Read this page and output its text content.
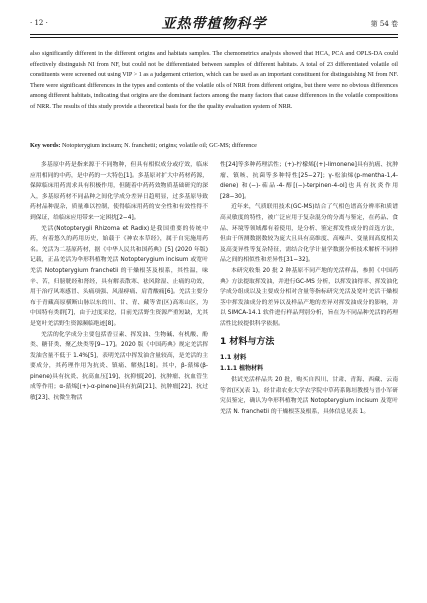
· 12 ·	亚热带植物科学	第 54 卷
also significantly different in the different origins and habitats samples. The chemometrics analysis showed that HCA, PCA and OPLS-DA could effectively distinguish NI from NF, but could not be differentiated between samples of different habitats. A total of 23 differentiated volatile oil constituents were screened out using VIP > 1 as a judgement criterion, which can be used as an important constituent for distinguishing NI from NF. There were significant differences in the types and contents of the volatile oils of NRR from different origins, but there were no obvious differences among different habitats, indicating that origins are the dominant factors among the many factors that cause differences in the volatile compositions of NRR. The results of this study provide a theoretical basis for the the quality evaluation system of NRR.
Key words: Notopterygium incisum; N. franchetii; origins; volatile oil; GC-MS; difference

多基原中药是指来源于不同物种，但具有相似成分或疗效，临床应用相同的中药，是中药的一大特色[1]。多基原对扩大中药材药源，保障临床用药需求具有积极作用，但随着中药药效物质基础研究的深入，多基原药材不同品种之间化学成分差异日趋明显，过多基原导致药材品种混杂，质量难以控制，使得临床用药的安全性和有效性得不到保证，给临床应用带来一定困扰[2−4]。

羌活(Notopterygii Rhizoma et Radix)是我国重要的传统中药，有着悠久的药用历史，始载于《神农本草经》，属于自宪施用药名。羌活为二基原药材，据《中华人民共和国药典》[5] (2020 年版)记载，正品羌活为伞形科植物羌活 Notopterygium incisum 或宽叶羌活 Notopterygium franchetii 的干燥根茎及根系，其性温，味辛、苦，归膀胱经和肾经，具有解表散寒、祛风除湿、止痛的功效，用于治疗风寒感冒、头痛项强、风湿痹痛、肩背酸痛[6]。羌活主要分布于青藏高原横断山脉以东的川、甘、青、藏等省(区)高寒山区，为中国特有类群[7]，由于过度采挖，目前羌活野生资源严重短缺，尤其是宽叶羌活野生资源濒临绝迹[8]。

羌活的化学成分主要包括香豆素、挥发油、生物碱、有机酸、酚类、糖苷类、聚乙炔类等[9−17]。2020 版《中国药典》规定羌活挥发油含量不低于 1.4%[5]，表明羌活中挥发油含量较高，是羌活的主要成分，其药理作用为抗炎、镇痛、解热[18]。其中，β-蒎烯(β-pinene)具有抗炎、抗高血压[19]、抗抑郁[20]、抗肿瘤、抗血管生成等作用；α-蒎烯[(+)-α-pinene]具有抗菌[21]、抗肿瘤[22]、抗过敏[23]、抗微生物活

性[24]等多种药理活性；(+)-柠檬烯[(+)-limonene]具有抗癌、抗肿瘤、镇咳、抗菌等多种特性[25−27]；γ-松油烯(p-mentha-1,4-diene) 和(−)-萜品-4-醇[(−)-terpinen-4-ol]也具有抗炎作用[28−30]。

近年来，气质联用技术(GC-MS)结合了气相色谱高分辨率和质谱高灵敏度的特性，被广泛应用于复杂混分的分离与鉴定，在药品、食品、环境等领域都有着使用，是分析、鉴定挥发性成分的首选方法，但由于所测数据数较为庞大且具有高维度、高噪声、变量间高度相关及高变异性等复杂特征，需结合化学计量学数据分析技术解析不同样品之间的相似性和差异性[31−32]。

本研究收集 20 批 2 种基原不同产地的羌活样品，参照《中国药典》方法提取挥发油，并进行GC-MS 分析，以挥发油得率、挥发油化学成分组成以及主要成分相对含量等指标研究羌活及宽叶羌活干燥根茎中挥发油成分的差异以及样品产地的差异对挥发油成分的影响，并以 SIMCA-14.1 软件进行样品判别分析，旨在为不同品种羌活的药理活性比较提供科学依据。

1 材料与方法
1.1 材料
1.1.1 植物材料

供试羌活样品共 20 批，购买自四川、甘肃、青海、西藏、云南等省(区)(表 1)，经甘肃农业大学农学院中草药系陈垣教授与晋小军研究员鉴定，确认为伞形科植物羌活 Notopterygium incisum 及宽叶羌活 N. franchetii 的干燥根茎及根系，具体信息见表 1。
